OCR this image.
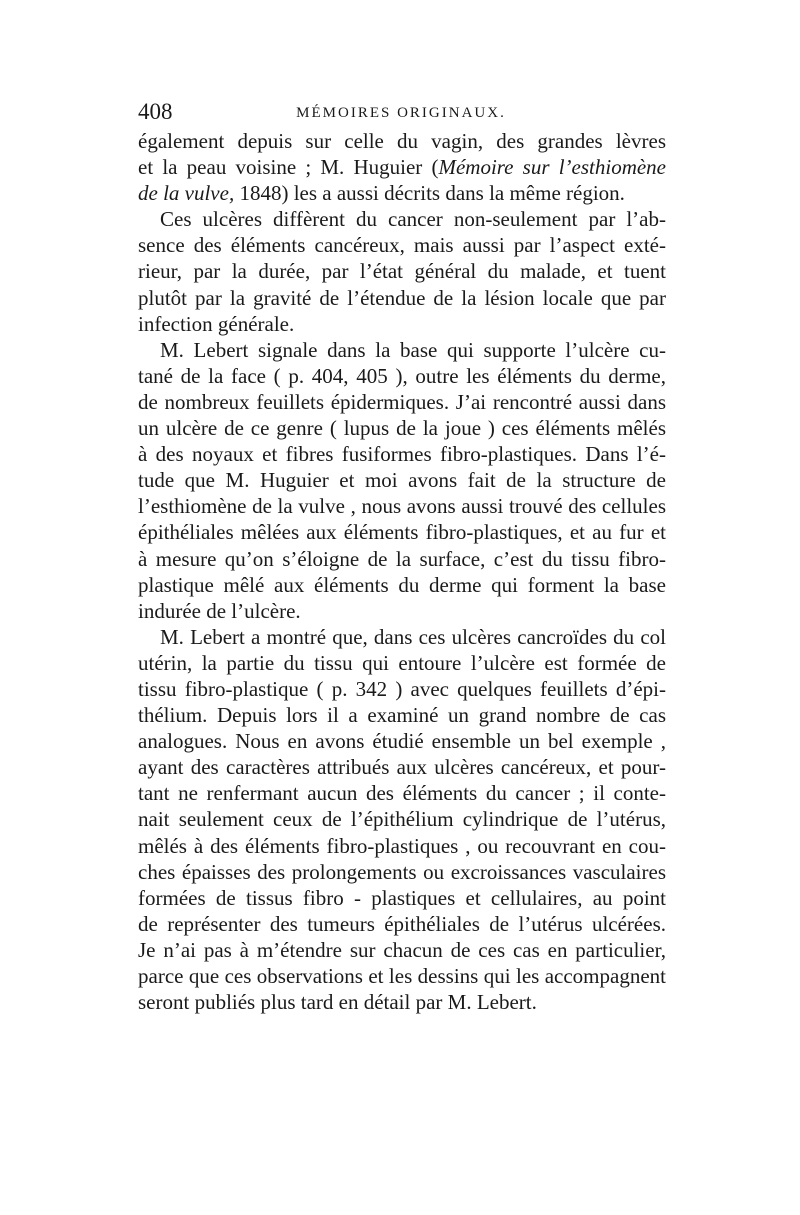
408	MÉMOIRES ORIGINAUX.
également depuis sur celle du vagin, des grandes lèvres
et la peau voisine ; M. Huguier (Mémoire sur l’esthiomène
de la vulve, 1848) les a aussi décrits dans la même région.
Ces ulcères diffèrent du cancer non-seulement par l’ab-
sence des éléments cancéreux, mais aussi par l’aspect exté-
rieur, par la durée, par l’état général du malade, et tuent
plutôt par la gravité de l’étendue de la lésion locale que par
infection générale.
M. Lebert signale dans la base qui supporte l’ulcère cu-
tané de la face ( p. 404, 405 ), outre les éléments du derme,
de nombreux feuillets épidermiques. J’ai rencontré aussi dans
un ulcère de ce genre ( lupus de la joue ) ces éléments mêlés
à des noyaux et fibres fusiformes fibro-plastiques. Dans l’é-
tude que M. Huguier et moi avons fait de la structure de
l’esthiomène de la vulve , nous avons aussi trouvé des cellules
épithéliales mêlées aux éléments fibro-plastiques, et au fur et
à mesure qu’on s’éloigne de la surface, c’est du tissu fibro-
plastique mêlé aux éléments du derme qui forment la base
indurée de l’ulcère.
M. Lebert a montré que, dans ces ulcères cancroïdes du col
utérin, la partie du tissu qui entoure l’ulcère est formée de
tissu fibro-plastique ( p. 342 ) avec quelques feuillets d’épi-
thélium. Depuis lors il a examiné un grand nombre de cas
analogues. Nous en avons étudié ensemble un bel exemple ,
ayant des caractères attribués aux ulcères cancéreux, et pour-
tant ne renfermant aucun des éléments du cancer ; il conte-
nait seulement ceux de l’épithélium cylindrique de l’utérus,
mêlés à des éléments fibro-plastiques , ou recouvrant en cou-
ches épaisses des prolongements ou excroissances vasculaires
formées de tissus fibro - plastiques et cellulaires, au point
de représenter des tumeurs épithéliales de l’utérus ulcérées.
Je n’ai pas à m’étendre sur chacun de ces cas en particulier,
parce que ces observations et les dessins qui les accompagnent
seront publiés plus tard en détail par M. Lebert.
